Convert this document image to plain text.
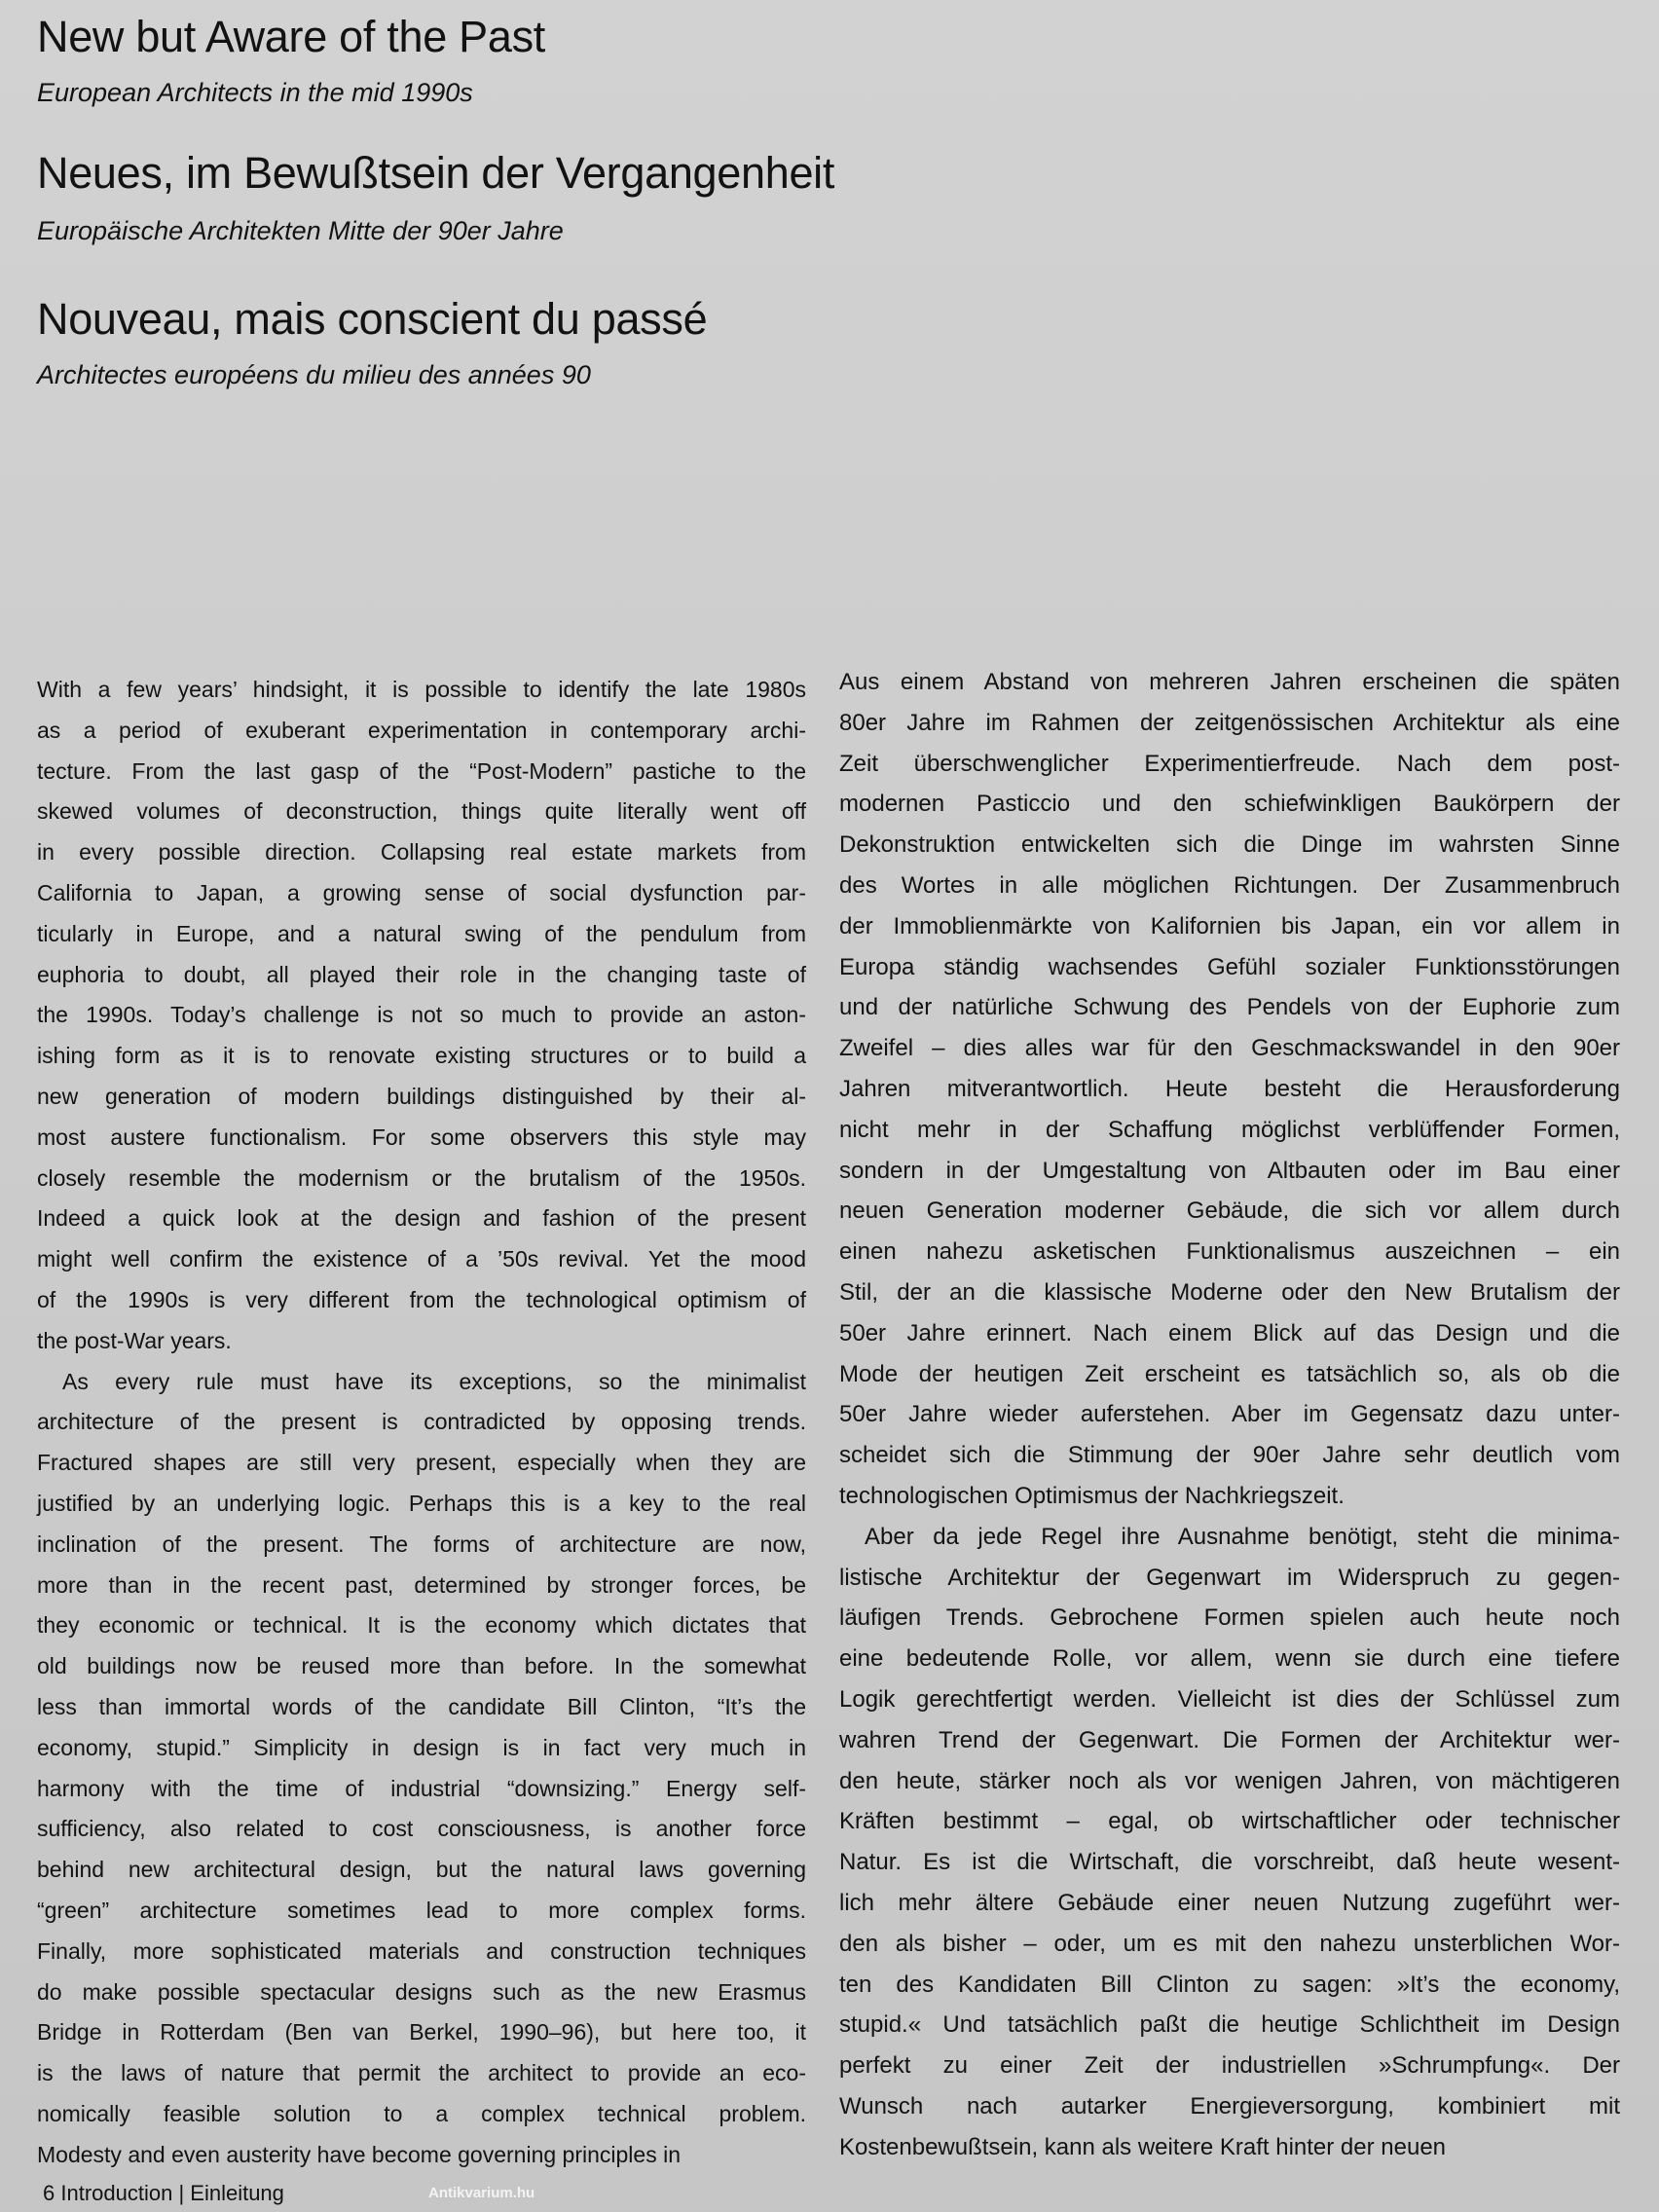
New but Aware of the Past
European Architects in the mid 1990s
Neues, im Bewußtsein der Vergangenheit
Europäische Architekten Mitte der 90er Jahre
Nouveau, mais conscient du passé
Architectes européens du milieu des années 90
With a few years’ hindsight, it is possible to identify the late 1980s
as a period of exuberant experimentation in contemporary archi-
tecture. From the last gasp of the “Post-Modern” pastiche to the
skewed volumes of deconstruction, things quite literally went off
in every possible direction. Collapsing real estate markets from
California to Japan, a growing sense of social dysfunction par-
ticularly in Europe, and a natural swing of the pendulum from
euphoria to doubt, all played their role in the changing taste of
the 1990s. Today’s challenge is not so much to provide an aston-
ishing form as it is to renovate existing structures or to build a
new generation of modern buildings distinguished by their al-
most austere functionalism. For some observers this style may
closely resemble the modernism or the brutalism of the 1950s.
Indeed a quick look at the design and fashion of the present
might well confirm the existence of a ’50s revival. Yet the mood
of the 1990s is very different from the technological optimism of
the post-War years.
As every rule must have its exceptions, so the minimalist
architecture of the present is contradicted by opposing trends.
Fractured shapes are still very present, especially when they are
justified by an underlying logic. Perhaps this is a key to the real
inclination of the present. The forms of architecture are now,
more than in the recent past, determined by stronger forces, be
they economic or technical. It is the economy which dictates that
old buildings now be reused more than before. In the somewhat
less than immortal words of the candidate Bill Clinton, “It’s the
economy, stupid.” Simplicity in design is in fact very much in
harmony with the time of industrial “downsizing.” Energy self-
sufficiency, also related to cost consciousness, is another force
behind new architectural design, but the natural laws governing
“green” architecture sometimes lead to more complex forms.
Finally, more sophisticated materials and construction techniques
do make possible spectacular designs such as the new Erasmus
Bridge in Rotterdam (Ben van Berkel, 1990–96), but here too, it
is the laws of nature that permit the architect to provide an eco-
nomically feasible solution to a complex technical problem.
Modesty and even austerity have become governing principles in
Aus einem Abstand von mehreren Jahren erscheinen die späten
80er Jahre im Rahmen der zeitgenössischen Architektur als eine
Zeit überschwenglicher Experimentierfreude. Nach dem post-
modernen Pasticcio und den schiefwinkligen Baukörpern der
Dekonstruktion entwickelten sich die Dinge im wahrsten Sinne
des Wortes in alle möglichen Richtungen. Der Zusammenbruch
der Immoblienmärkte von Kalifornien bis Japan, ein vor allem in
Europa ständig wachsendes Gefühl sozialer Funktionsstörungen
und der natürliche Schwung des Pendels von der Euphorie zum
Zweifel – dies alles war für den Geschmackswandel in den 90er
Jahren mitverantwortlich. Heute besteht die Herausforderung
nicht mehr in der Schaffung möglichst verblüffender Formen,
sondern in der Umgestaltung von Altbauten oder im Bau einer
neuen Generation moderner Gebäude, die sich vor allem durch
einen nahezu asketischen Funktionalismus auszeichnen – ein
Stil, der an die klassische Moderne oder den New Brutalism der
50er Jahre erinnert. Nach einem Blick auf das Design und die
Mode der heutigen Zeit erscheint es tatsächlich so, als ob die
50er Jahre wieder auferstehen. Aber im Gegensatz dazu unter-
scheidet sich die Stimmung der 90er Jahre sehr deutlich vom
technologischen Optimismus der Nachkriegszeit.
Aber da jede Regel ihre Ausnahme benötigt, steht die minima-
listische Architektur der Gegenwart im Widerspruch zu gegen-
läufigen Trends. Gebrochene Formen spielen auch heute noch
eine bedeutende Rolle, vor allem, wenn sie durch eine tiefere
Logik gerechtfertigt werden. Vielleicht ist dies der Schlüssel zum
wahren Trend der Gegenwart. Die Formen der Architektur wer-
den heute, stärker noch als vor wenigen Jahren, von mächtigeren
Kräften bestimmt – egal, ob wirtschaftlicher oder technischer
Natur. Es ist die Wirtschaft, die vorschreibt, daß heute wesent-
lich mehr ältere Gebäude einer neuen Nutzung zugeführt wer-
den als bisher – oder, um es mit den nahezu unsterblichen Wor-
ten des Kandidaten Bill Clinton zu sagen: »It’s the economy,
stupid.« Und tatsächlich paßt die heutige Schlichtheit im Design
perfekt zu einer Zeit der industriellen »Schrumpfung«. Der
Wunsch nach autarker Energieversorgung, kombiniert mit
Kostenbewußtsein, kann als weitere Kraft hinter der neuen
6 Introduction | Einleitung	Antikvarium.hu
